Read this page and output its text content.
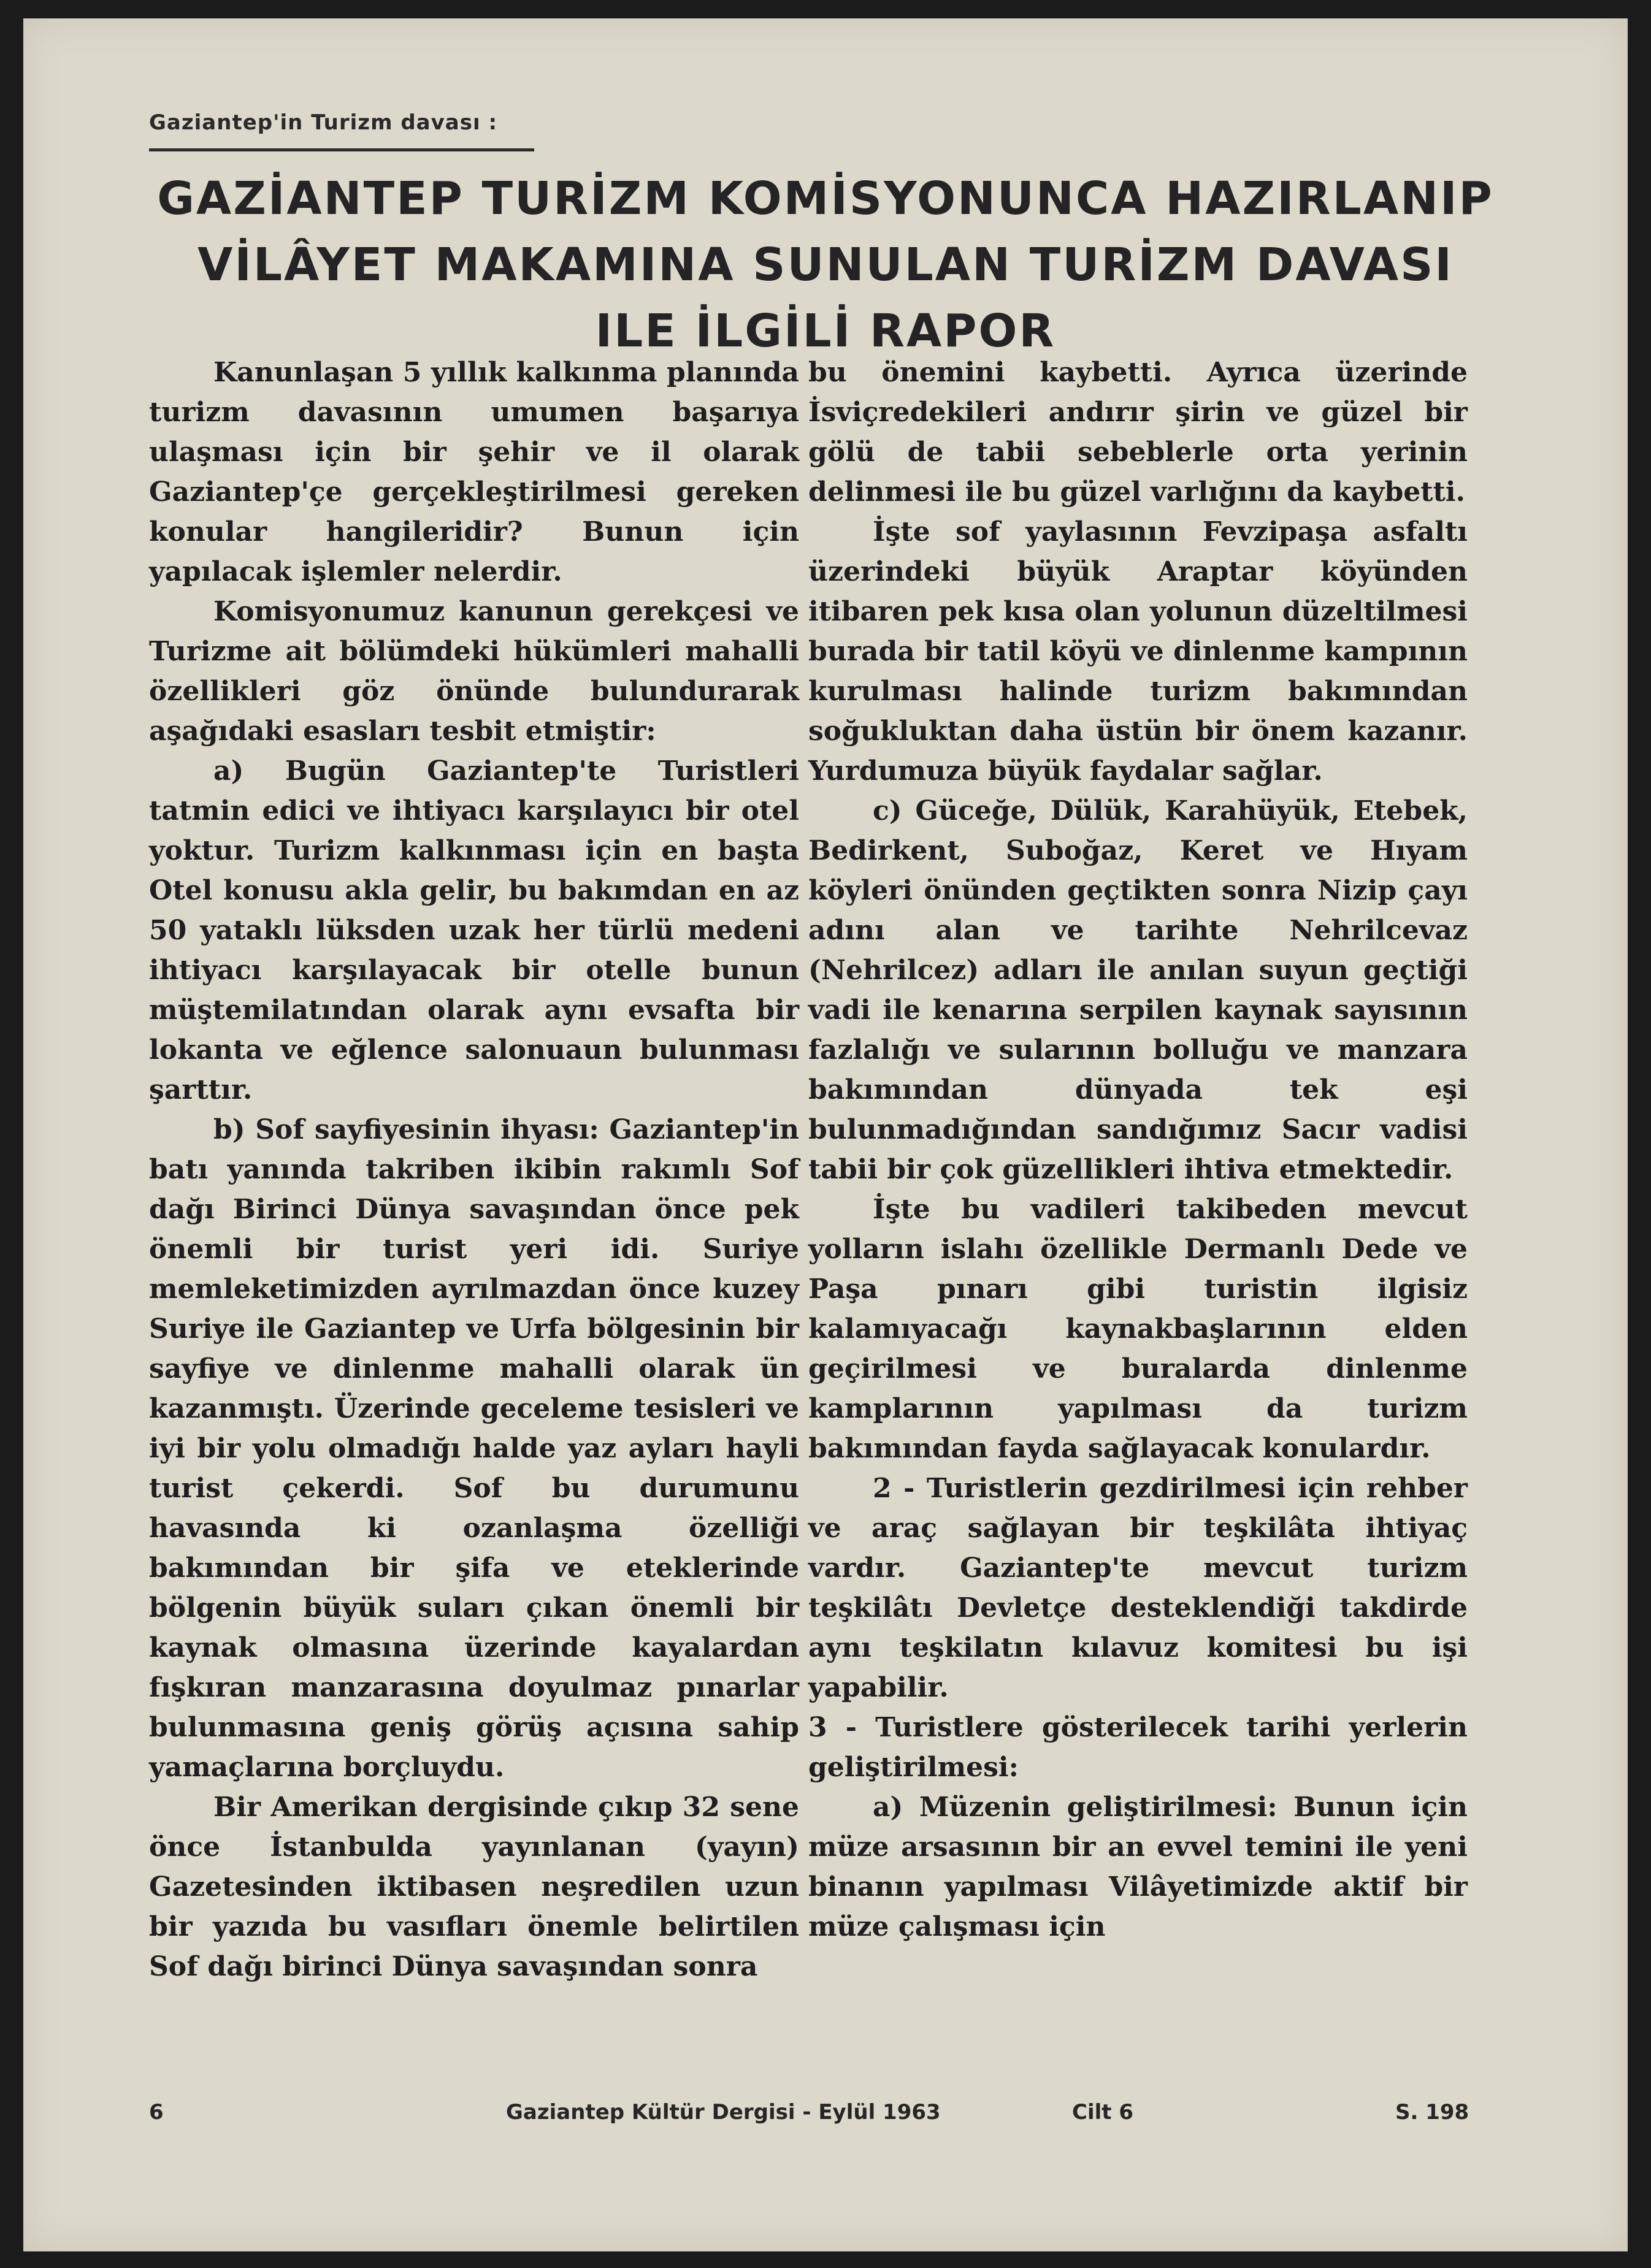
Gaziantep'in Turizm davası :
GAZİANTEP TURİZM KOMİSYONUNCA HAZIRLANIP
VİLÂYET MAKAMINA SUNULAN TURİZM DAVASI
ILE İLGİLİ RAPOR

Kanunlaşan 5 yıllık kalkınma planında turizm davasının umumen başarıya ulaşması için bir şehir ve il olarak Gaziantep'çe gerçekleştirilmesi gereken konular hangileridir? Bunun için yapılacak işlemler nelerdir.

Komisyonumuz kanunun gerekçesi ve Turizme ait bölümdeki hükümleri mahalli özellikleri göz önünde bulundurarak aşağıdaki esasları tesbit etmiştir:

a) Bugün Gaziantep'te Turistleri tatmin edici ve ihtiyacı karşılayıcı bir otel yoktur. Turizm kalkınması için en başta Otel konusu akla gelir, bu bakımdan en az 50 yataklı lüksden uzak her türlü medeni ihtiyacı karşılayacak bir otelle bunun müştemilatından olarak aynı evsafta bir lokanta ve eğlence salonuaun bulunması şarttır.

b) Sof sayfiyesinin ihyası: Gaziantep'in batı yanında takriben ikibin rakımlı Sof dağı Birinci Dünya savaşından önce pek önemli bir turist yeri idi. Suriye memleketimizden ayrılmazdan önce kuzey Suriye ile Gaziantep ve Urfa bölgesinin bir sayfiye ve dinlenme mahalli olarak ün kazanmıştı. Üzerinde geceleme tesisleri ve iyi bir yolu olmadığı halde yaz ayları hayli turist çekerdi. Sof bu durumunu havasında ki ozanlaşma özelliği bakımından bir şifa ve eteklerinde bölgenin büyük suları çıkan önemli bir kaynak olmasına üzerinde kayalardan fışkıran manzarasına doyulmaz pınarlar bulunmasına geniş görüş açısına sahip yamaçlarına borçluydu.

Bir Amerikan dergisinde çıkıp 32 sene önce İstanbulda yayınlanan (yayın) Gazetesinden iktibasen neşredilen uzun bir yazıda bu vasıfları önemle belirtilen Sof dağı birinci Dünya savaşından sonra

bu önemini kaybetti. Ayrıca üzerinde İsviçredekileri andırır şirin ve güzel bir gölü de tabii sebeblerle orta yerinin delinmesi ile bu güzel varlığını da kaybetti.

İşte sof yaylasının Fevzipaşa asfaltı üzerindeki büyük Araptar köyünden itibaren pek kısa olan yolunun düzeltilmesi burada bir tatil köyü ve dinlenme kampının kurulması halinde turizm bakımından soğukluktan daha üstün bir önem kazanır. Yurdumuza büyük faydalar sağlar.

c) Güceğe, Dülük, Karahüyük, Etebek, Bedirkent, Suboğaz, Keret ve Hıyam köyleri önünden geçtikten sonra Nizip çayı adını alan ve tarihte Nehrilcevaz (Nehrilcez) adları ile anılan suyun geçtiği vadi ile kenarına serpilen kaynak sayısının fazlalığı ve sularının bolluğu ve manzara bakımından dünyada tek eşi bulunmadığından sandığımız Sacır vadisi tabii bir çok güzellikleri ihtiva etmektedir.

İşte bu vadileri takibeden mevcut yolların islahı özellikle Dermanlı Dede ve Paşa pınarı gibi turistin ilgisiz kalamıyacağı kaynakbaşlarının elden geçirilmesi ve buralarda dinlenme kamplarının yapılması da turizm bakımından fayda sağlayacak konulardır.

2 - Turistlerin gezdirilmesi için rehber ve araç sağlayan bir teşkilâta ihtiyaç vardır. Gaziantep'te mevcut turizm teşkilâtı Devletçe desteklendiği takdirde aynı teşkilatın kılavuz komitesi bu işi yapabilir.

3 - Turistlere gösterilecek tarihi yerlerin geliştirilmesi:

a) Müzenin geliştirilmesi: Bunun için müze arsasının bir an evvel temini ile yeni binanın yapılması Vilâyetimizde aktif bir müze çalışması için

6	Gaziantep Kültür Dergisi - Eylül 1963	Cilt 6	S. 198
